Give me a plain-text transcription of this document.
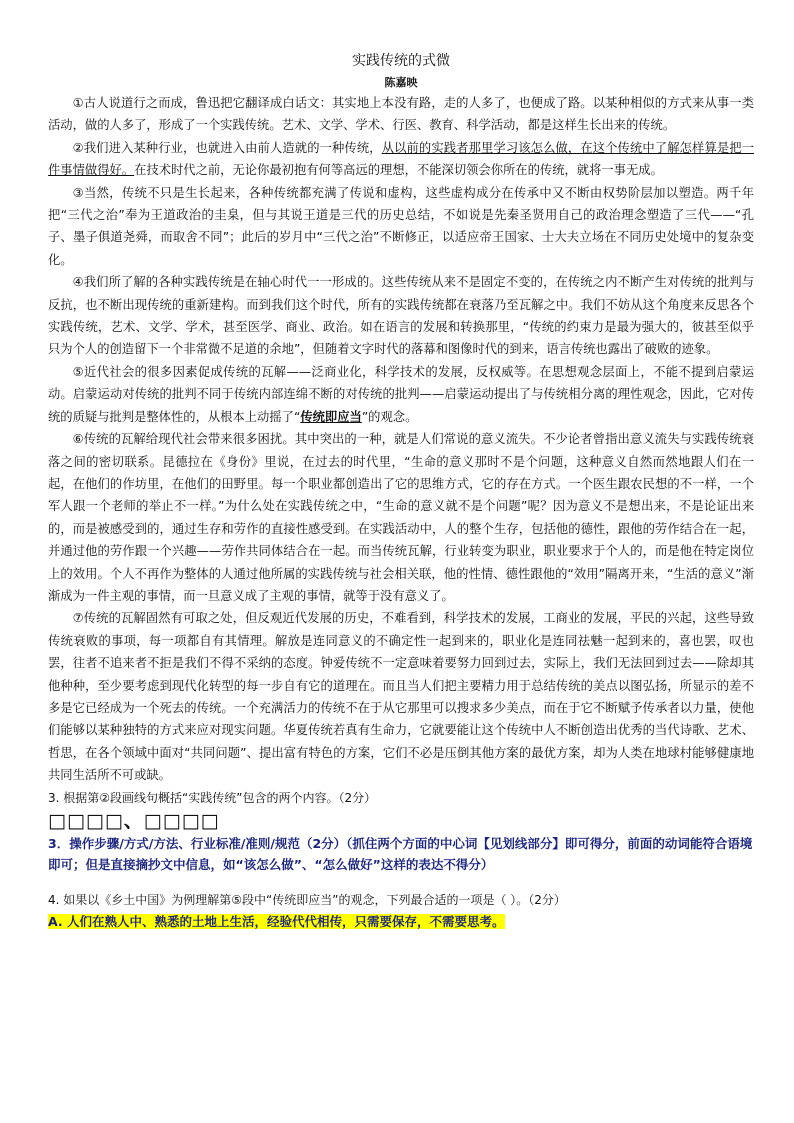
实践传统的式微

陈嘉映

①古人说道行之而成，鲁迅把它翻译成白话文：其实地上本没有路，走的人多了，也便成了路。以某种相似的方式来从事一类活动，做的人多了，形成了一个实践传统。艺术、文学、学术、行医、教育、科学活动，都是这样生长出来的传统。

②我们进入某种行业，也就进入由前人造就的一种传统，从以前的实践者那里学习该怎么做，在这个传统中了解怎样算是把一件事情做得好。在技术时代之前，无论你最初抱有何等高远的理想，不能深切领会你所在的传统，就将一事无成。

③当然，传统不只是生长起来，各种传统都充满了传说和虚构，这些虚构成分在传承中又不断由权势阶层加以塑造。两千年把“三代之治”奉为王道政治的圭臬，但与其说王道是三代的历史总结，不如说是先秦圣贤用自己的政治理念塑造了三代——“孔子、墨子俱道尧舜，而取舍不同”；此后的岁月中“三代之治”不断修正，以适应帝王国家、士大夫立场在不同历史处境中的复杂变化。

④我们所了解的各种实践传统是在轴心时代一一形成的。这些传统从来不是固定不变的，在传统之内不断产生对传统的批判与反抗，也不断出现传统的重新建构。而到我们这个时代，所有的实践传统都在衰落乃至瓦解之中。我们不妨从这个角度来反思各个实践传统，艺术、文学、学术，甚至医学、商业、政治。如在语言的发展和转换那里，“传统的约束力是最为强大的，彼甚至似乎只为个人的创造留下一个非常微不足道的余地”，但随着文字时代的落幕和图像时代的到来，语言传统也露出了破败的迹象。

⑤近代社会的很多因素促成传统的瓦解——泛商业化，科学技术的发展，反权威等。在思想观念层面上，不能不提到启蒙运动。启蒙运动对传统的批判不同于传统内部连绵不断的对传统的批判——启蒙运动提出了与传统相分离的理性观念，因此，它对传统的质疑与批判是整体性的，从根本上动摇了“传统即应当”的观念。

⑥传统的瓦解给现代社会带来很多困扰。其中突出的一种，就是人们常说的意义流失。不少论者曾指出意义流失与实践传统衰落之间的密切联系。昆德拉在《身份》里说，在过去的时代里，“生命的意义那时不是个问题，这种意义自然而然地跟人们在一起，在他们的作坊里，在他们的田野里。每一个职业都创造出了它的思维方式，它的存在方式。一个医生跟农民想的不一样，一个军人跟一个老师的举止不一样。”为什么处在实践传统之中，“生命的意义就不是个问题”呢？因为意义不是想出来，不是论证出来的，而是被感受到的，通过生存和劳作的直接性感受到。在实践活动中，人的整个生存，包括他的德性，跟他的劳作结合在一起，并通过他的劳作跟一个兴趣——劳作共同体结合在一起。而当传统瓦解，行业转变为职业，职业要求于个人的，而是他在特定岗位上的效用。个人不再作为整体的人通过他所属的实践传统与社会相关联，他的性情、德性跟他的“效用”隔离开来，“生活的意义”渐渐成为一件主观的事情，而一旦意义成了主观的事情，就等于没有意义了。

⑦传统的瓦解固然有可取之处，但反观近代发展的历史，不难看到，科学技术的发展，工商业的发展，平民的兴起，这些导致传统衰败的事项，每一项都自有其情理。解放是连同意义的不确定性一起到来的，职业化是连同祛魅一起到来的，喜也罢，叹也罢，往者不追来者不拒是我们不得不采纳的态度。钟爱传统不一定意味着要努力回到过去，实际上，我们无法回到过去——除却其他种种，至少要考虑到现代化转型的每一步自有它的道理在。而且当人们把主要精力用于总结传统的美点以图弘扬，所显示的差不多是它已经成为一个死去的传统。一个充满活力的传统不在于从它那里可以搜求多少美点，而在于它不断赋予传承者以力量，使他们能够以某种独特的方式来应对现实问题。华夏传统若真有生命力，它就要能让这个传统中人不断创造出优秀的当代诗歌、艺术、哲思，在各个领域中面对“共同问题”、提出富有特色的方案，它们不必是压倒其他方案的最优方案，却为人类在地球村能够健康地共同生活所不可或缺。

3. 根据第②段画线句概括“实践传统”包含的两个内容。（2分）

□□□□、□□□□

3．操作步骤/方式/方法、行业标准/准则/规范（2分）（抓住两个方面的中心词【见划线部分】即可得分，前面的动词能符合语境即可；但是直接摘抄文中信息，如“该怎么做”、“怎么做好”这样的表达不得分）

4. 如果以《乡土中国》为例理解第⑤段中“传统即应当”的观念，下列最合适的一项是（ ）。（2分）

A. 人们在熟人中、熟悉的土地上生活，经验代代相传，只需要保存，不需要思考。
